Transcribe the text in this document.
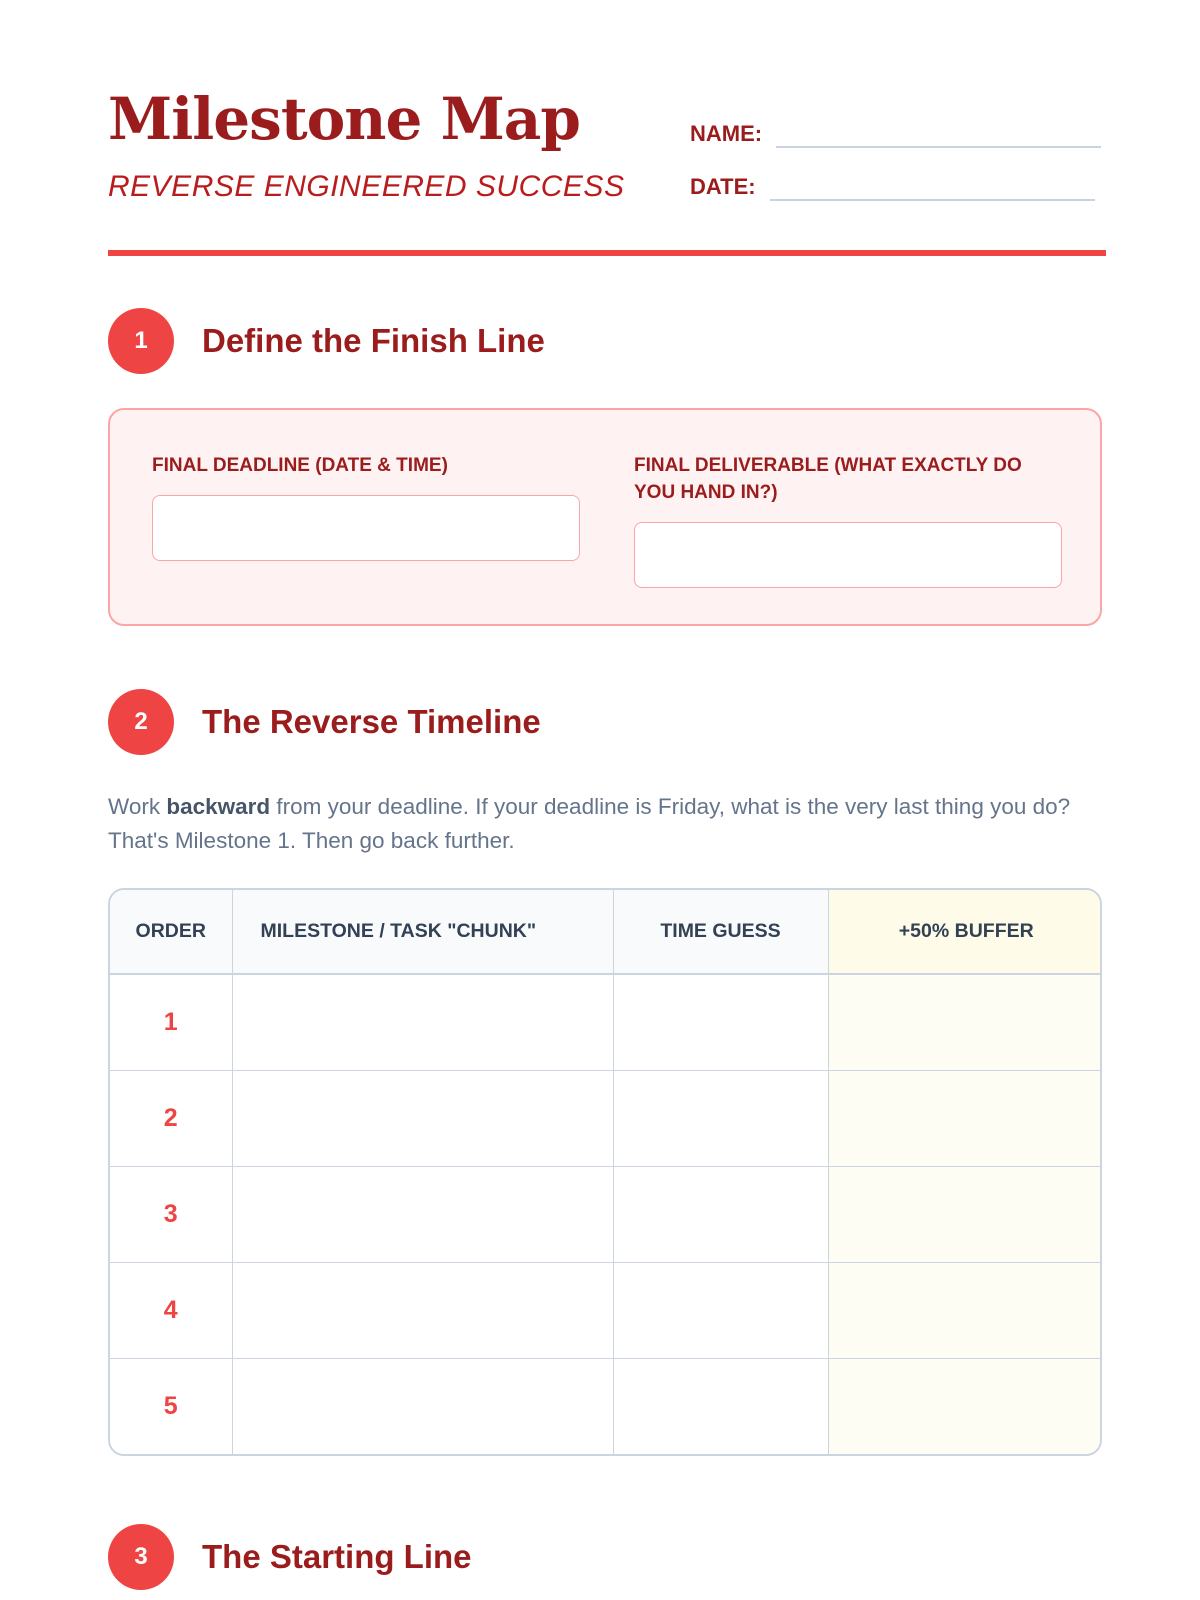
Milestone Map

REVERSE ENGINEERED SUCCESS

NAME:
DATE:
1	Define the Finish Line

FINAL DEADLINE (DATE & TIME)	FINAL DELIVERABLE (WHAT EXACTLY DO YOU HAND IN?)

2	The Reverse Timeline

Work backward from your deadline. If your deadline is Friday, what is the very last thing you do? That's Milestone 1. Then go back further.

ORDER	MILESTONE / TASK "CHUNK"	TIME GUESS	+50% BUFFER
1			
2			
3			
4			
5			
3	The Starting Line
